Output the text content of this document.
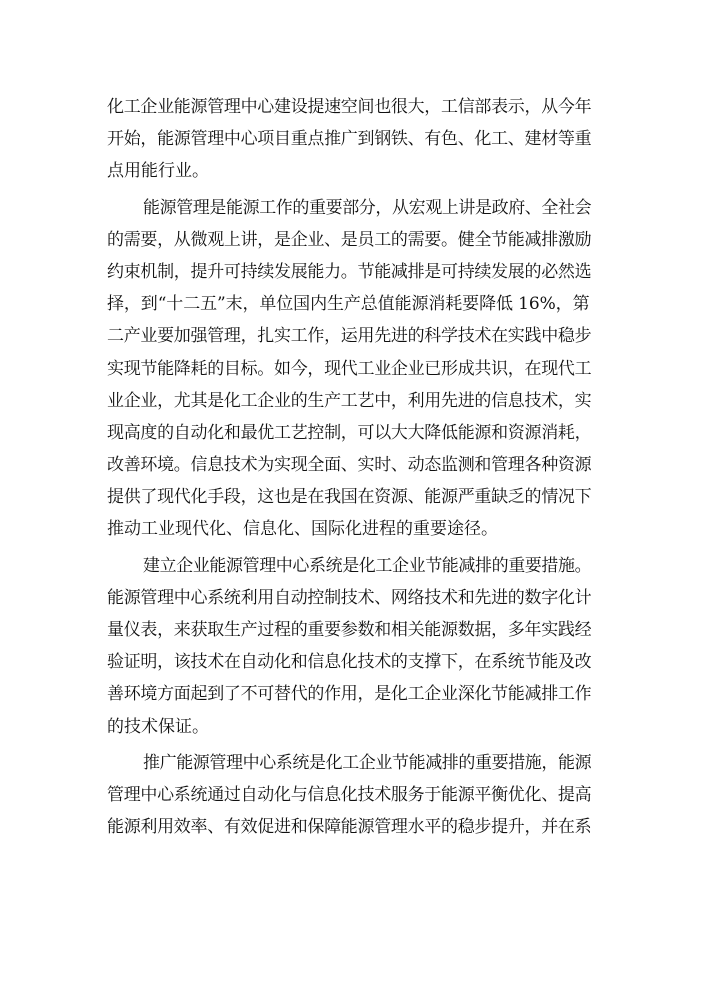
化工企业能源管理中心建设提速空间也很大，工信部表示，从今年
开始，能源管理中心项目重点推广到钢铁、有色、化工、建材等重
点用能行业。
能源管理是能源工作的重要部分，从宏观上讲是政府、全社会
的需要，从微观上讲，是企业、是员工的需要。健全节能减排激励
约束机制，提升可持续发展能力。节能减排是可持续发展的必然选
择，到“十二五”末，单位国内生产总值能源消耗要降低 16%，第
二产业要加强管理，扎实工作，运用先进的科学技术在实践中稳步
实现节能降耗的目标。如今，现代工业企业已形成共识，在现代工
业企业，尤其是化工企业的生产工艺中，利用先进的信息技术，实
现高度的自动化和最优工艺控制，可以大大降低能源和资源消耗，
改善环境。信息技术为实现全面、实时、动态监测和管理各种资源
提供了现代化手段，这也是在我国在资源、能源严重缺乏的情况下
推动工业现代化、信息化、国际化进程的重要途径。
建立企业能源管理中心系统是化工企业节能减排的重要措施。
能源管理中心系统利用自动控制技术、网络技术和先进的数字化计
量仪表，来获取生产过程的重要参数和相关能源数据，多年实践经
验证明，该技术在自动化和信息化技术的支撑下，在系统节能及改
善环境方面起到了不可替代的作用，是化工企业深化节能减排工作
的技术保证。
推广能源管理中心系统是化工企业节能减排的重要措施，能源
管理中心系统通过自动化与信息化技术服务于能源平衡优化、提高
能源利用效率、有效促进和保障能源管理水平的稳步提升，并在系
